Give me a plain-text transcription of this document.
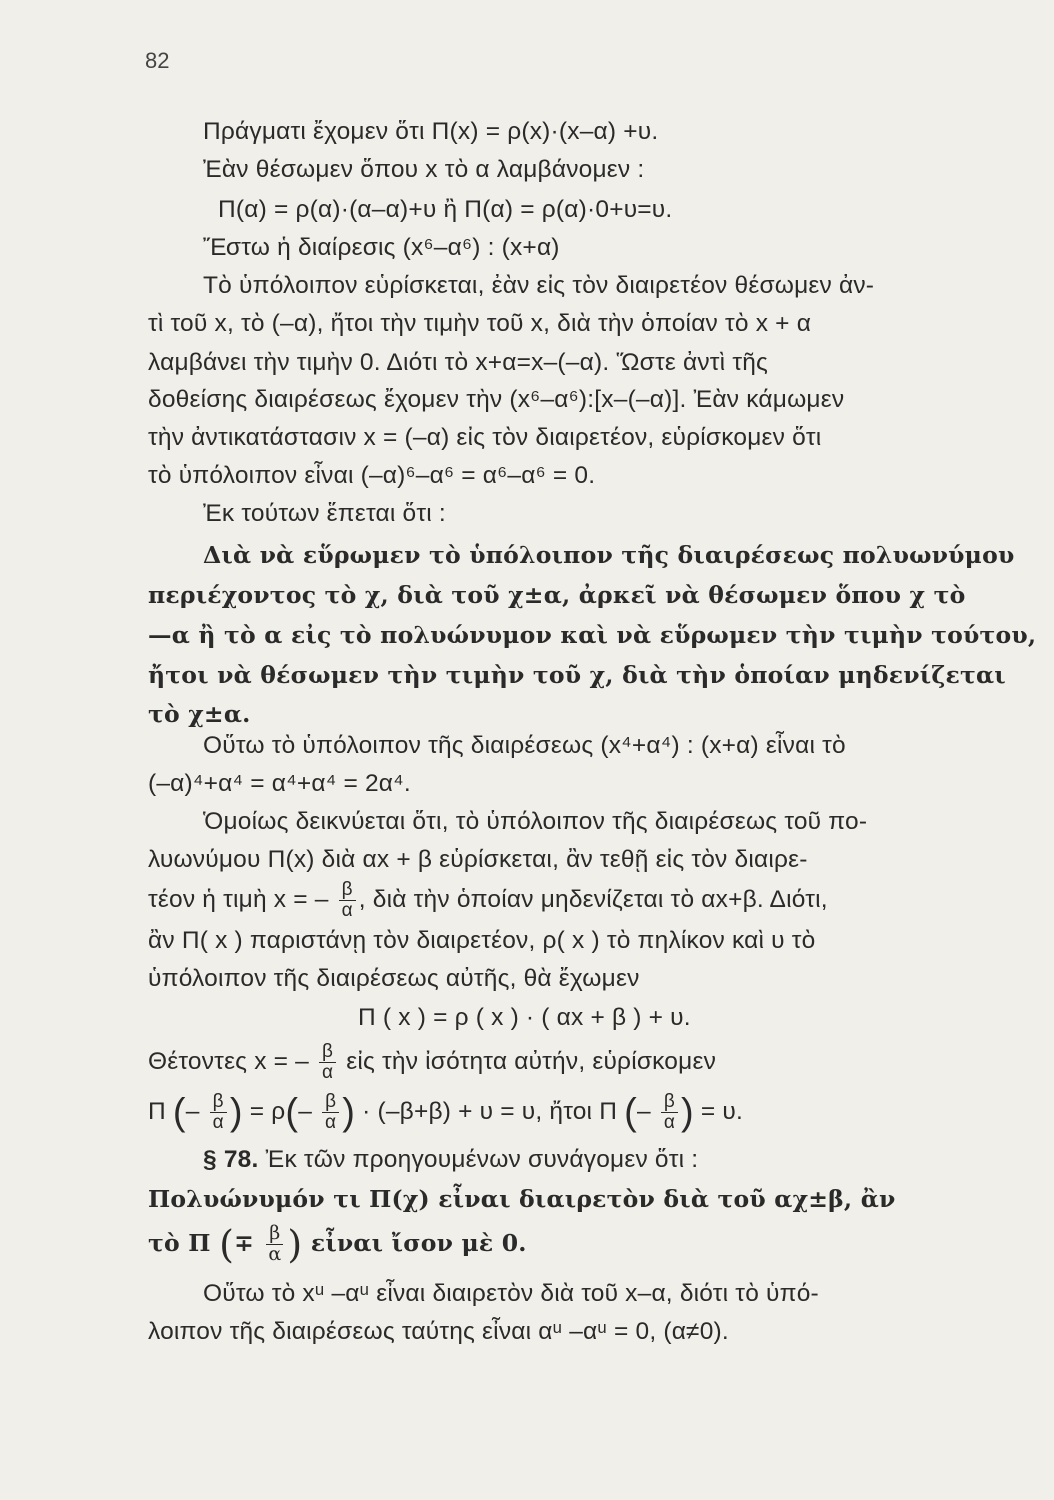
82
Πράγματι ἔχομεν ὅτι Π(x) = ρ(x)·(x–α) +υ.
Ἐὰν θέσωμεν ὅπου x τὸ α λαμβάνομεν :
Π(α) = ρ(α)·(α–α)+υ ἢ Π(α) = ρ(α)·0+υ=υ.
Ἔστω ἡ διαίρεσις (x⁶–α⁶) : (x+α)
Τὸ ὑπόλοιπον εὑρίσκεται, ἐὰν εἰς τὸν διαιρετέον θέσωμεν ἀν-
τὶ τοῦ x, τὸ (–α), ἤτοι τὴν τιμὴν τοῦ x, διὰ τὴν ὁποίαν τὸ x + α
λαμβάνει τὴν τιμὴν 0. Διότι τὸ x+α=x–(–α). Ὥστε ἀντὶ τῆς
δοθείσης διαιρέσεως ἔχομεν τὴν (x⁶–α⁶):[x–(–α)]. Ἐὰν κάμωμεν
τὴν ἀντικατάστασιν x = (–α) εἰς τὸν διαιρετέον, εὑρίσκομεν ὅτι
τὸ ὑπόλοιπον εἶναι (–α)⁶–α⁶ = α⁶–α⁶ = 0.
Ἐκ τούτων ἕπεται ὅτι :
Διὰ νὰ εὕρωμεν τὸ ὑπόλοιπον τῆς διαιρέσεως πολυωνύμου
περιέχοντος τὸ χ, διὰ τοῦ χ±α, ἀρκεῖ νὰ θέσωμεν ὅπου χ τὸ
—α ἢ τὸ α εἰς τὸ πολυώνυμον καὶ νὰ εὕρωμεν τὴν τιμὴν τούτου,
ἤτοι νὰ θέσωμεν τὴν τιμὴν τοῦ χ, διὰ τὴν ὁποίαν μηδενίζεται
τὸ χ±α.
Οὕτω τὸ ὑπόλοιπον τῆς διαιρέσεως (x⁴+α⁴) : (x+α) εἶναι τὸ
(–α)⁴+α⁴ = α⁴+α⁴ = 2α⁴.
Ὁμοίως δεικνύεται ὅτι, τὸ ὑπόλοιπον τῆς διαιρέσεως τοῦ πο-
λυωνύμου Π(x) διὰ αx + β εὑρίσκεται, ἂν τεθῇ εἰς τὸν διαιρε-
τέον ἡ τιμὴ x = – $\frac{\beta}{\alpha}$ , διὰ τὴν ὁποίαν μηδενίζεται τὸ αx+β. Διότι,
ἂν Π( x ) παριστάνῃ τὸν διαιρετέον, ρ( x ) τὸ πηλίκον καὶ υ τὸ
ὑπόλοιπον τῆς διαιρέσεως αὐτῆς, θὰ ἔχωμεν
Π ( x ) = ρ ( x ) · ( αx + β ) + υ.
Θέτοντες x = – $\frac{\beta}{\alpha}$ εἰς τὴν ἰσότητα αὐτήν, εὑρίσκομεν
Π (– $\frac{\beta}{\alpha}$ ) = $\rho(- \frac{\beta}{\alpha}$ ) · (–β+β) + υ = υ, ἤτοι Π (– $\frac{\beta}{\alpha}$ ) = υ.
§ 78. Ἐκ τῶν προηγουμένων συνάγομεν ὅτι :
Πολυώνυμόν τι Π(χ) εἶναι διαιρετὸν διὰ τοῦ αχ±β, ἂν
τὸ Π (∓ $\frac{\beta}{\alpha}$ ) εἶναι ἴσον μὲ 0.
Οὕτω τὸ xᵘ –αᵘ εἶναι διαιρετὸν διὰ τοῦ x–α, διότι τὸ ὑπό-
λοιπον τῆς διαιρέσεως ταύτης εἶναι αᵘ –αᵘ = 0, (α≠0).
